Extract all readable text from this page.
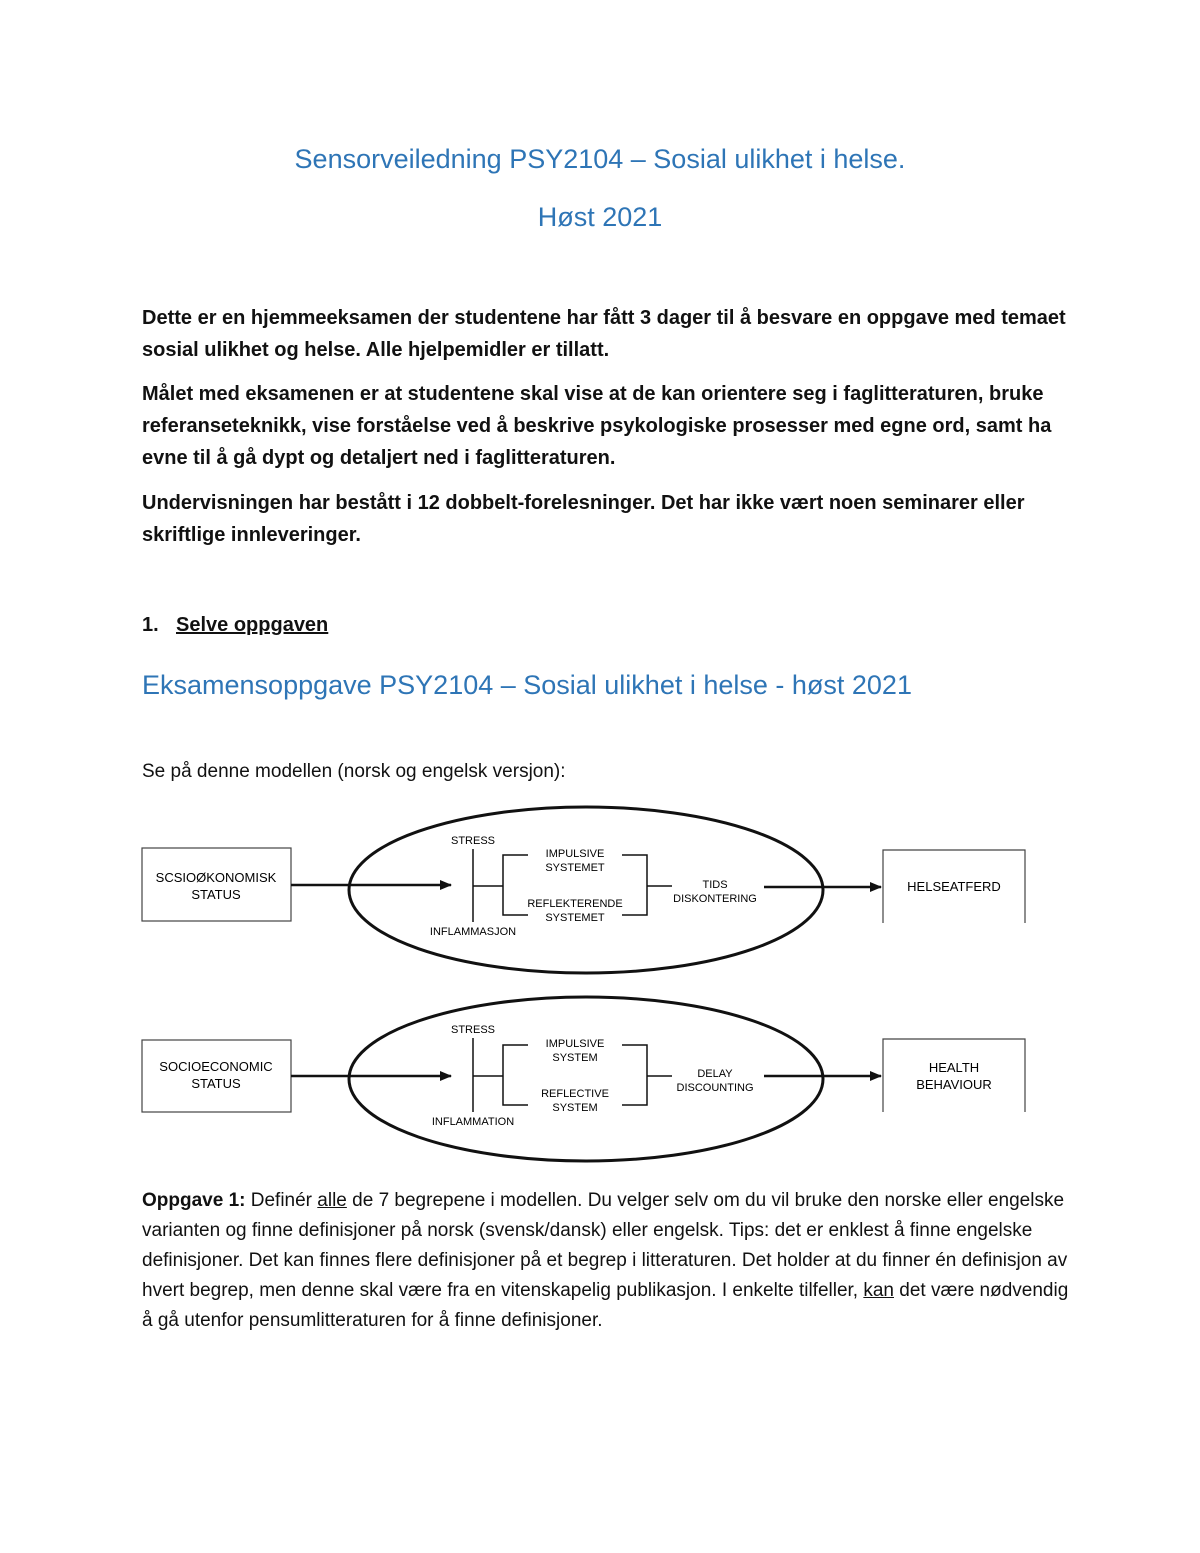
Sensorveiledning PSY2104 – Sosial ulikhet i helse.
Høst 2021

Dette er en hjemmeeksamen der studentene har fått 3 dager til å besvare en oppgave med temaet sosial ulikhet og helse. Alle hjelpemidler er tillatt.

Målet med eksamenen er at studentene skal vise at de kan orientere seg i faglitteraturen, bruke referanseteknikk, vise forståelse ved å beskrive psykologiske prosesser med egne ord, samt ha evne til å gå dypt og detaljert ned i faglitteraturen.

Undervisningen har bestått i 12 dobbelt-forelesninger. Det har ikke vært noen seminarer eller skriftlige innleveringer.

1. Selve oppgaven
Eksamensoppgave PSY2104 – Sosial ulikhet i helse - høst 2021

Se på denne modellen (norsk og engelsk versjon):

SCSIOØKONOMISK
STATUS
STRESS
INFLAMMASJON
IMPULSIVE
SYSTEMET
REFLEKTERENDE
SYSTEMET
TIDS
DISKONTERING
HELSEATFERD
SOCIOECONOMIC
STATUS
STRESS
INFLAMMATION
IMPULSIVE
SYSTEM
REFLECTIVE
SYSTEM
DELAY
DISCOUNTING
HEALTH
BEHAVIOUR

Oppgave 1: Definér alle de 7 begrepene i modellen. Du velger selv om du vil bruke den norske eller engelske varianten og finne definisjoner på norsk (svensk/dansk) eller engelsk. Tips: det er enklest å finne engelske definisjoner. Det kan finnes flere definisjoner på et begrep i litteraturen. Det holder at du finner én definisjon av hvert begrep, men denne skal være fra en vitenskapelig publikasjon. I enkelte tilfeller, kan det være nødvendig å gå utenfor pensumlitteraturen for å finne definisjoner.
